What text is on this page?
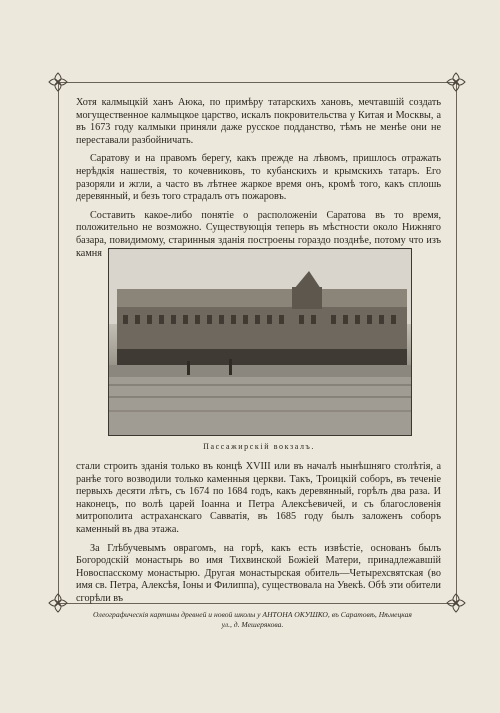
Хотя калмыцкій ханъ Аюка, по примѣру татарскихъ хановъ, мечтавшій создать могущественное калмыцкое царство, искалъ покровительства у Китая и Москвы, а въ 1673 году калмыки приняли даже русское подданство, тѣмъ не менѣе они не переставали разбойничать.

Саратову и на правомъ берегу, какъ прежде на лѣвомъ, пришлось отражать нерѣдкія нашествія, то кочевниковъ, то кубанскихъ и крымскихъ татаръ. Его разоряли и жгли, а часто въ лѣтнее жаркое время онъ, кромѣ того, какъ сплошь деревянный, и безъ того страдалъ отъ пожаровъ.

Составить какое-либо понятіе о расположеніи Саратова въ то время, положительно не возможно. Существующія теперь въ мѣстности около Нижняго базара, повидимому, старинныя зданія построены гораздо позднѣе, потому что изъ камня

Пассажирскій вокзалъ.

стали строить зданія только въ концѣ XVIII или въ началѣ нынѣшняго столѣтія, а ранѣе того возводили только каменныя церкви. Такъ, Троицкій соборъ, въ теченіе первыхъ десяти лѣтъ, съ 1674 по 1684 годъ, какъ деревянный, горѣлъ два раза. И наконецъ, по волѣ царей Іоанна и Петра Алексѣевичей, и съ благословенія митрополита астраханскаго Савватія, въ 1685 году былъ заложенъ соборъ каменный въ два этажа.

За Глѣбучевымъ оврагомъ, на горѣ, какъ есть извѣстіе, основанъ былъ Богородскій монастырь во имя Тихвинской Божіей Матери, принадлежавшій Новоспасскому монастырю. Другая монастырская обитель—Четырехсвятская (во имя св. Петра, Алексѣя, Іоны и Филиппа), существовала на Увекѣ. Обѣ эти обители сгорѣли въ

Олеографическія картины древней и новой школы у АНТОНА ОКУШКО, въ Саратовѣ, Нѣмецкая
ул., д. Мешерякова.
